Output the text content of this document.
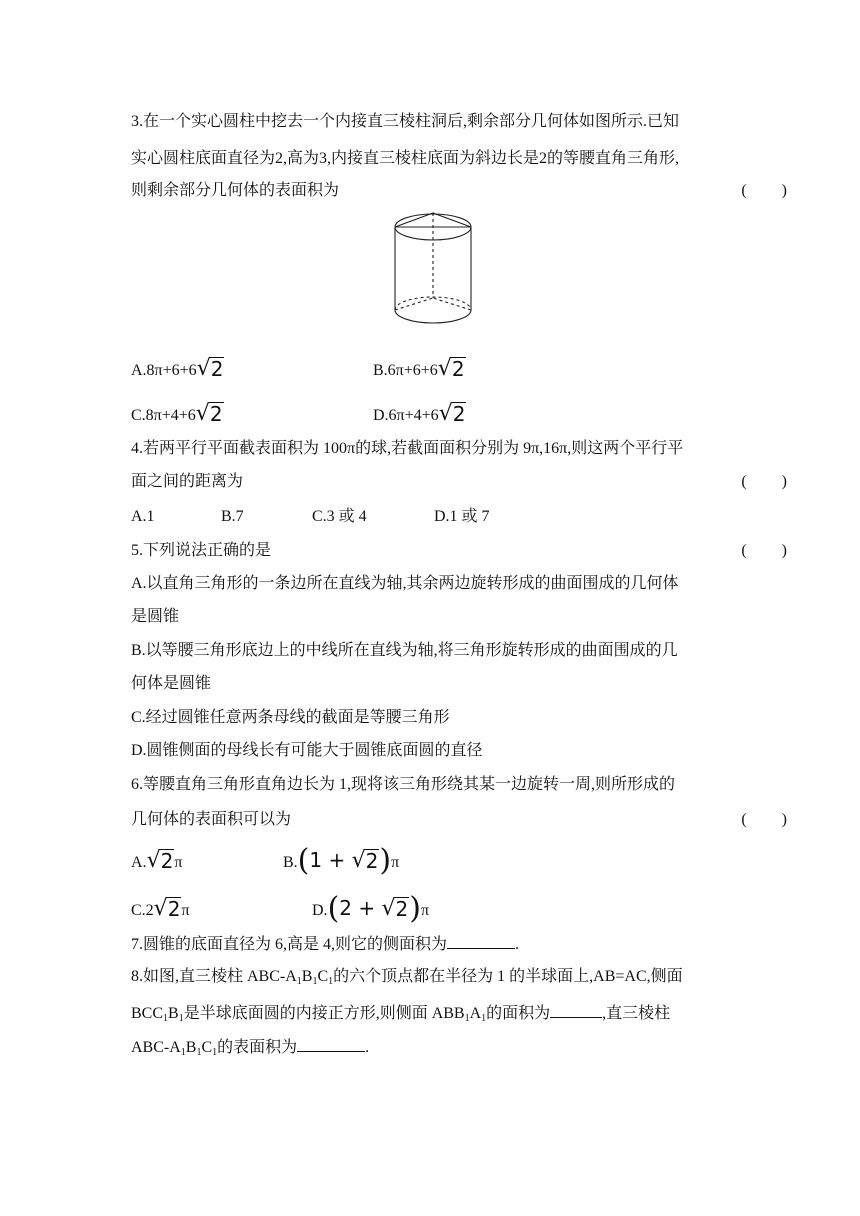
3.在一个实心圆柱中挖去一个内接直三棱柱洞后,剩余部分几何体如图所示.已知
实心圆柱底面直径为2,高为3,内接直三棱柱底面为斜边长是2的等腰直角三角形,
则剩余部分几何体的表面积为	(　　)
A.8π+6+6 √ 2	B.6π+6+6 √ 2
C.8π+4+6 √ 2	D.6π+4+6 √ 2
4.若两平行平面截表面积为 100π的球,若截面面积分别为 9π,16π,则这两个平行平
面之间的距离为	(　　)
A.1	B.7	C.3 或 4	D.1 或 7
5.下列说法正确的是	(　　)
A.以直角三角形的一条边所在直线为轴,其余两边旋转形成的曲面围成的几何体
是圆锥
B.以等腰三角形底边上的中线所在直线为轴,将三角形旋转形成的曲面围成的几
何体是圆锥
C.经过圆锥任意两条母线的截面是等腰三角形
D.圆锥侧面的母线长有可能大于圆锥底面圆的直径
6.等腰直角三角形直角边长为 1,现将该三角形绕其某一边旋转一周,则所形成的
几何体的表面积可以为	(　　)
A. √ 2 π	B.(1 + √ 2 )π
C.2 √ 2 π	D.(2 + √ 2 )π
7.圆锥的底面直径为 6,高是 4,则它的侧面积为	.
8.如图,直三棱柱 ABC-$A_1B_1C_1$的六个顶点都在半径为 1 的半球面上,AB=AC,侧面
$BCC_1B_1$是半球底面圆的内接正方形,则侧面 $ABB_1A_1$的面积为	,直三棱柱
ABC-$A_1B_1C_1$的表面积为	.
